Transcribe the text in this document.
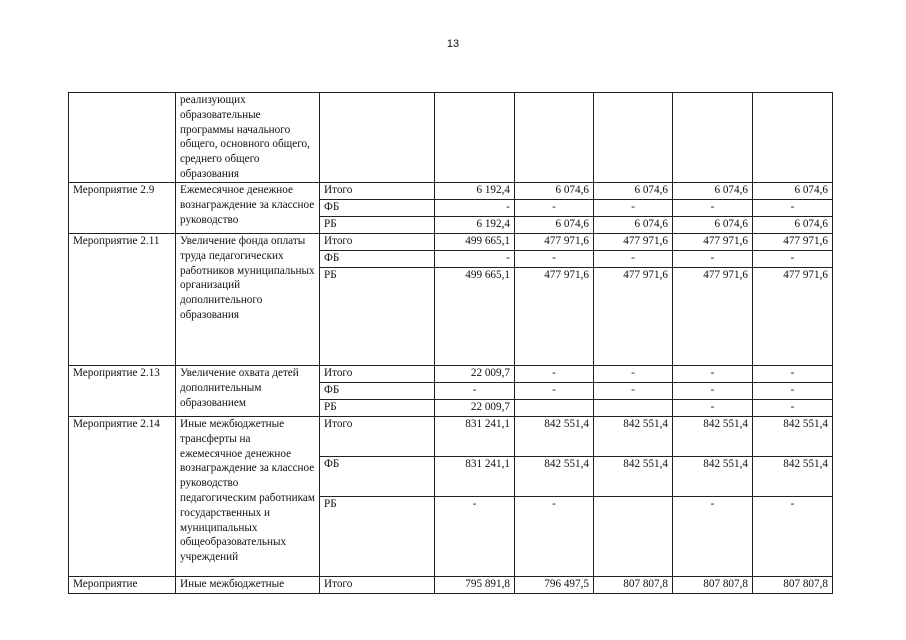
13
	реализующих образовательные программы начального общего, основного общего, среднего общего образования						
Мероприятие 2.9	Ежемесячное денежное вознаграждение за классное руководство	Итого	6 192,4	6 074,6	6 074,6	6 074,6	6 074,6
		ФБ	-	-	-	-	-
		РБ	6 192,4	6 074,6	6 074,6	6 074,6	6 074,6
Мероприятие 2.11	Увеличение фонда оплаты труда педагогических работников муниципальных организаций дополнительного образования	Итого	499 665,1	477 971,6	477 971,6	477 971,6	477 971,6
		ФБ	-	-	-	-	-
		РБ	499 665,1	477 971,6	477 971,6	477 971,6	477 971,6
Мероприятие 2.13	Увеличение охвата детей дополнительным образованием	Итого	22 009,7	-	-	-	-
		ФБ	-	-	-	-	-
		РБ	22 009,7			-	-
Мероприятие 2.14	Иные межбюджетные трансферты на ежемесячное денежное вознаграждение за классное руководство педагогическим работникам государственных и муниципальных общеобразовательных учреждений	Итого	831 241,1	842 551,4	842 551,4	842 551,4	842 551,4
		ФБ	831 241,1	842 551,4	842 551,4	842 551,4	842 551,4
		РБ	-	-		-	-
Мероприятие	Иные межбюджетные	Итого	795 891,8	796 497,5	807 807,8	807 807,8	807 807,8
